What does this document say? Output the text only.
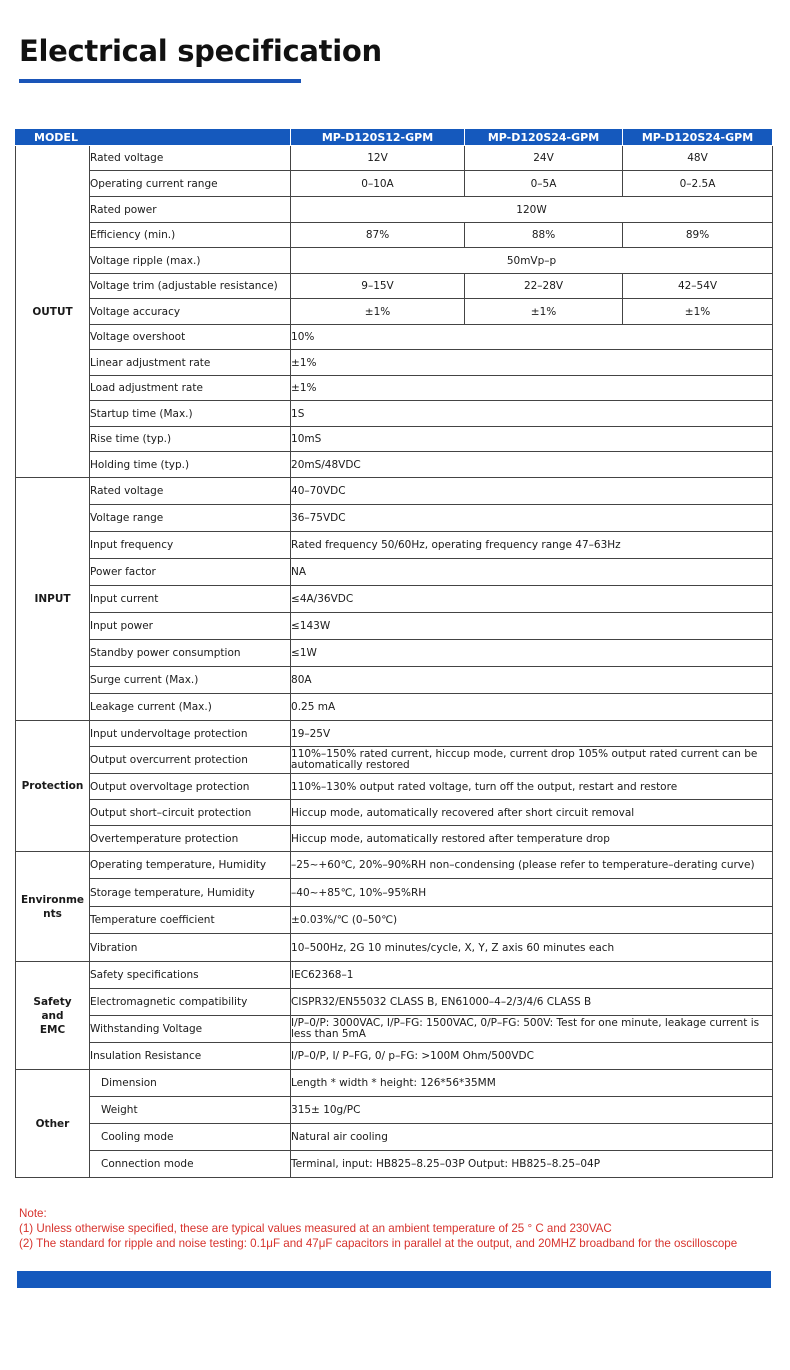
Electrical specification
MODEL		MP-D120S12-GPM	MP-D120S24-GPM	MP-D120S24-GPM
OUTUT	Rated voltage	12V	24V	48V
	Operating current range	0–10A	0–5A	0–2.5A
	Rated power	120W		
	Efficiency (min.)	87%	88%	89%
	Voltage ripple (max.)	50mVp–p		
	Voltage trim (adjustable resistance)	9–15V	22–28V	42–54V
	Voltage accuracy	±1%	±1%	±1%
	Voltage overshoot	10%		
	Linear adjustment rate	±1%		
	Load adjustment rate	±1%		
	Startup time (Max.)	1S		
	Rise time (typ.)	10mS		
	Holding time (typ.)	20mS/48VDC		
INPUT	Rated voltage	40–70VDC		
	Voltage range	36–75VDC		
	Input frequency	Rated frequency 50/60Hz, operating frequency range 47–63Hz		
	Power factor	NA		
	Input current	≤4A/36VDC		
	Input power	≤143W		
	Standby power consumption	≤1W		
	Surge current (Max.)	80A		
	Leakage current (Max.)	0.25 mA		
Protection	Input undervoltage protection	19–25V		
	Output overcurrent protection	110%–150% rated current, hiccup mode, current drop 105% output rated current can be automatically restored		
	Output overvoltage protection	110%–130% output rated voltage, turn off the output, restart and restore		
	Output short–circuit protection	Hiccup mode, automatically recovered after short circuit removal		
	Overtemperature protection	Hiccup mode, automatically restored after temperature drop		
Environments	Operating temperature, Humidity	–25~+60℃, 20%–90%RH non–condensing (please refer to temperature–derating curve)		
	Storage temperature, Humidity	–40~+85℃, 10%–95%RH		
	Temperature coefficient	±0.03%/℃ (0–50℃)		
	Vibration	10–500Hz, 2G 10 minutes/cycle, X, Y, Z axis 60 minutes each		
Safety and EMC	Safety specifications	IEC62368–1		
	Electromagnetic compatibility	CISPR32/EN55032 CLASS B, EN61000–4–2/3/4/6 CLASS B		
	Withstanding Voltage	I/P–0/P: 3000VAC, I/P–FG: 1500VAC, 0/P–FG: 500V: Test for one minute, leakage current is less than 5mA		
	Insulation Resistance	I/P–0/P, I/ P–FG, 0/ p–FG: >100M Ohm/500VDC		
Other	Dimension	Length * width * height: 126*56*35MM		
	Weight	315± 10g/PC		
	Cooling mode	Natural air cooling		
	Connection mode	Terminal, input: HB825–8.25–03P Output: HB825–8.25–04P		
Note:
(1) Unless otherwise specified, these are typical values measured at an ambient temperature of 25 ° C and 230VAC
(2) The standard for ripple and noise testing: 0.1μF and 47μF capacitors in parallel at the output, and 20MHZ broadband for the oscilloscope
